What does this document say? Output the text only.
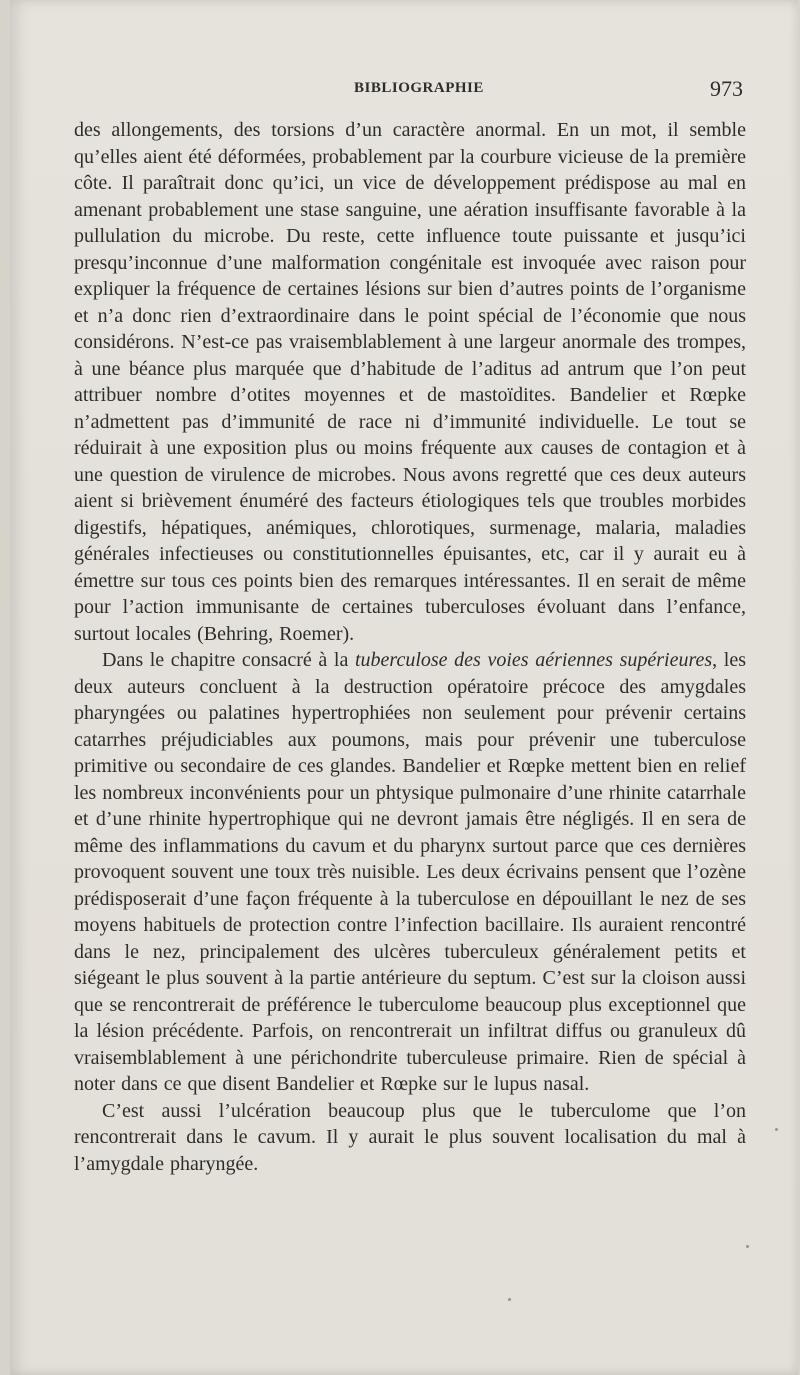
BIBLIOGRAPHIE	973

des allongements, des torsions d’un caractère anormal. En un mot, il semble qu’elles aient été déformées, probablement par la courbure vicieuse de la première côte. Il paraîtrait donc qu’ici, un vice de développement prédispose au mal en amenant probablement une stase sanguine, une aération insuffisante favorable à la pullulation du microbe. Du reste, cette influence toute puissante et jusqu’ici presqu’inconnue d’une malformation congénitale est invoquée avec raison pour expliquer la fréquence de certaines lésions sur bien d’autres points de l’organisme et n’a donc rien d’extraordinaire dans le point spécial de l’économie que nous considérons. N’est-ce pas vraisemblablement à une largeur anormale des trompes, à une béance plus marquée que d’habitude de l’aditus ad antrum que l’on peut attribuer nombre d’otites moyennes et de mastoïdites. Bandelier et Rœpke n’admettent pas d’immunité de race ni d’immunité individuelle. Le tout se réduirait à une exposition plus ou moins fréquente aux causes de contagion et à une question de virulence de microbes. Nous avons regretté que ces deux auteurs aient si brièvement énuméré des facteurs étiologiques tels que troubles morbides digestifs, hépatiques, anémiques, chlorotiques, surmenage, malaria, maladies générales infectieuses ou constitutionnelles épuisantes, etc, car il y aurait eu à émettre sur tous ces points bien des remarques intéressantes. Il en serait de même pour l’action immunisante de certaines tuberculoses évoluant dans l’enfance, surtout locales (Behring, Roemer).

Dans le chapitre consacré à la tuberculose des voies aériennes supérieures, les deux auteurs concluent à la destruction opératoire précoce des amygdales pharyngées ou palatines hypertrophiées non seulement pour prévenir certains catarrhes préjudiciables aux poumons, mais pour prévenir une tuberculose primitive ou secondaire de ces glandes. Bandelier et Rœpke mettent bien en relief les nombreux inconvénients pour un phtysique pulmonaire d’une rhinite catarrhale et d’une rhinite hypertrophique qui ne devront jamais être négligés. Il en sera de même des inflammations du cavum et du pharynx surtout parce que ces dernières provoquent souvent une toux très nuisible. Les deux écrivains pensent que l’ozène prédisposerait d’une façon fréquente à la tuberculose en dépouillant le nez de ses moyens habituels de protection contre l’infection bacillaire. Ils auraient rencontré dans le nez, principalement des ulcères tuberculeux généralement petits et siégeant le plus souvent à la partie antérieure du septum. C’est sur la cloison aussi que se rencontrerait de préférence le tuberculome beaucoup plus exceptionnel que la lésion précédente. Parfois, on rencontrerait un infiltrat diffus ou granuleux dû vraisemblablement à une périchondrite tuberculeuse primaire. Rien de spécial à noter dans ce que disent Bandelier et Rœpke sur le lupus nasal.

C’est aussi l’ulcération beaucoup plus que le tuberculome que l’on rencontrerait dans le cavum. Il y aurait le plus souvent localisation du mal à l’amygdale pharyngée.
